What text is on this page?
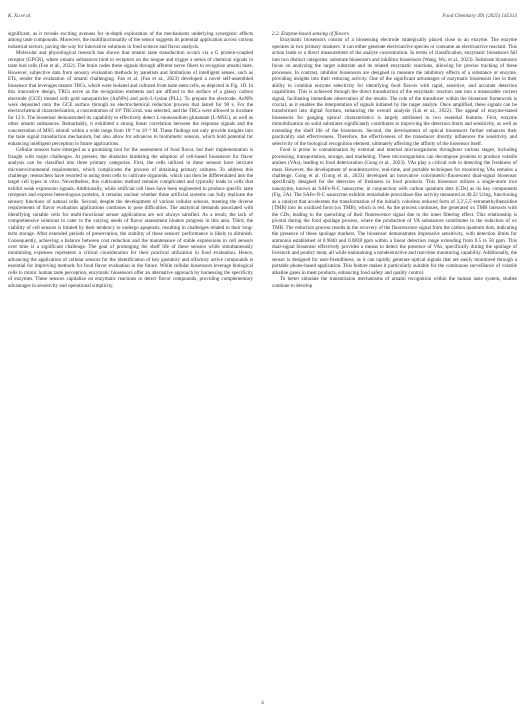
K. Xu et al.	Food Chemistry 491 (2025) 145313

significant, as it reveals exciting avenues for in-depth exploration of the mechanisms underlying synergistic effects among taste compounds. Moreover, the multifunctionality of the sensor suggests its potential application across various industrial sectors, paving the way for innovative solutions in food science and flavor analysis.

Molecular and physiological research has shown that umami taste transduction occurs via a G protein-coupled receptor (GPCR), where umami substances bind to receptors on the tongue and trigger a series of chemical signals in taste bud cells (Fan et al., 2022). The brain codes these signals through afferent nerve fibers to recognize umami taste. However, subjective data from sensory evaluation methods by panelists and limitations of intelligent senses, such as ETs, render the evaluation of umami challenging. Fan et al. (Fan et al., 2023) developed a novel self-assembled biosensor that leverages mature TRCs, which were isolated and cultured from taste stem cells, as depicted in Fig. 1D. In this innovative design, TRCs serve as the recognition elements and are affixed to the surface of a glassy carbon electrode (GCE) treated with gold nanoparticles (AuNPs) and poly-L-lysine (PLL). To prepare the electrode, AuNPs were deposited onto the GCE surface through an electrochemical reduction process that lasted for 90 s. For the electrochemical characterization, a concentration of 10⁶ TRCs/mL was selected, and the TRCs were allowed to incubate for 12 h. The biosensor demonstrated its capability to effectively detect L-monosodium glutamate (L-MSG), as well as other umami substances. Remarkably, it exhibited a strong linear correlation between the response signals and the concentration of MSG stimuli within a wide range from 10⁻⁹ to 10⁻⁵ M. These findings not only provide insights into the taste signal transduction mechanism, but also allow for advances in biomimetic sensors, which hold potential for enhancing intelligent perception in future applications.

Cellular sensors have emerged as a promising tool for the assessment of food flavor, but their implementation is fraught with major challenges. At present, the obstacles hindering the adoption of cell-based biosensors for flavor analysis can be classified into three primary categories. First, the cells utilized in these sensors have intricate microenvironmental requirements, which complicates the process of obtaining primary cultures. To address this challenge, researchers have resorted to using stem cells to cultivate organoids, which can then be differentiated into the target cell types in vitro. Nevertheless, this cultivation method remains complicated and typically leads to cells that exhibit weak expression signals. Additionally, while artificial cell lines have been engineered to produce specific taste receptors and express heterologous proteins, it remains unclear whether these artificial systems can fully replicate the sensory functions of natural cells. Second, despite the development of various cellular sensors, meeting the diverse requirements of flavor evaluation applications continues to pose difficulties. The analytical demands associated with identifying suitable cells for multi-functional sensor applications are not always satisfied. As a result, the lack of comprehensive solutions to cater to the varying needs of flavor assessment hinders progress in this area. Third, the viability of cell sensors is limited by their tendency to undergo apoptosis, resulting in challenges related to their long-term storage. After extended periods of preservation, the stability of these sensors' performance is likely to diminish. Consequently, achieving a balance between cost reduction and the maintenance of stable expressions in cell sensors over time is a significant challenge. The goal of prolonging the shelf life of these sensors while simultaneously minimizing expenses represents a critical consideration for their practical utilization in food evaluation. Hence, advancing the application of cellular sensors for the identification of key gustatory and olfactory active compounds is essential for improving methods for food flavor evaluation in the future. While cellular biosensors leverage biological cells to mimic human taste perception, enzymatic biosensors offer an alternative approach by harnessing the specificity of enzymes. These sensors capitalize on enzymatic reactions to detect flavor compounds, providing complementary advantages in sensitivity and operational simplicity.

2.2. Enzyme-based sensing of flavors

Enzymatic biosensors consist of a biosensing electrode strategically placed close to an enzyme. The enzyme operates in two primary manners: it can either generate electroactive species or consume an electroactive reactant. This action leads to a direct measurement of the analyte concentration. In terms of classification, enzymatic biosensors fall into two distinct categories: substrate biosensors and inhibitor biosensors (Wang, Wu, et al., 2023). Substrate biosensors focus on analyzing the target substrate and its related enzymatic reactions, allowing for precise tracking of these processes. In contrast, inhibitor biosensors are designed to measure the inhibitory effects of a substance or enzyme, providing insights into their reducing activity. One of the significant advantages of enzymatic biosensors lies in their ability to combine enzyme selectivity for identifying food flavors with rapid, sensitive, and accurate detection capabilities. This is achieved through the direct transduction of the enzymatic reaction rate into a measurable current signal, facilitating immediate observation of the results. The role of the transducer within the biosensor framework is crucial, as it enables the interpretation of signals initiated by the target analyte. Once amplified, these signals can be transformed into digital formats, enhancing the overall analysis (Lin et al., 2022). The appeal of enzyme-based biosensors for gauging optical characteristics is largely attributed to two essential features. First, enzyme immobilization on solid substrates significantly contributes to improving the detection limits and sensitivity, as well as extending the shelf life of the biosensors. Second, the development of optical biosensors further enhances their practicality and effectiveness. Therefore, the effectiveness of the transducer directly influences the sensitivity and selectivity of the biological recognition element, ultimately affecting the affinity of the biosensor itself.

Food is prone to contamination by external and internal microorganisms throughout various stages, including processing, transportation, storage, and marketing. These microorganisms can decompose proteins to produce volatile amines (VAs), leading to food deterioration (Gong et al., 2023). VAs play a critical role in detecting the freshness of meat. However, the development of nondestructive, real-time, and portable techniques for monitoring VAs remains a challenge. Gong et al. (Gong et al., 2023) developed an innovative colorimetric-fluorescent dual-signal biosensor specifically designed for the detection of freshness in food products. This biosensor utilizes a single-atom iron nanozyme, known as SAFe-N-C nanozyme, in conjunction with carbon quantum dots (CDs) as its key components (Fig. 2A). The SAFe-N-C nanozyme exhibits remarkable peroxidase-like activity measured at 40.22 U/mg, functioning as a catalyst that accelerates the transformation of the initially colorless reduced form of 3,3',5,5'-tetramethylbenzidine (TMB) into its oxidized form (ox TMB), which is red. As the process continues, the generated ox TMB interacts with the CDs, leading to the quenching of their fluorescence signal due to the inner filtering effect. This relationship is pivotal during the food spoilage process, where the production of VA substances contributes to the reduction of ox TMB. The reduction process results in the recovery of the fluorescence signal from the carbon quantum dots, indicating the presence of these spoilage markers. The biosensor demonstrates impressive sensitivity, with detection limits for ammonia established at 0.9840 and 0.0838 ppm within a linear detection range extending from 0.5 to 50 ppm. This dual-signal biosensor effectively provides a means to detect the presence of VAs, specifically during the spoilage of livestock and poultry meat, all while maintaining a nondestructive and real-time monitoring capability. Additionally, the sensor is designed for user-friendliness, as it can rapidly generate optical signals that are easily monitored through a portable phone-based application. This feature makes it particularly suitable for the continuous surveillance of volatile alkaline gases in meat products, enhancing food safety and quality control.

To better simulate the transmission mechanisms of umami recognition within the human taste system, studies continue to develop

4
